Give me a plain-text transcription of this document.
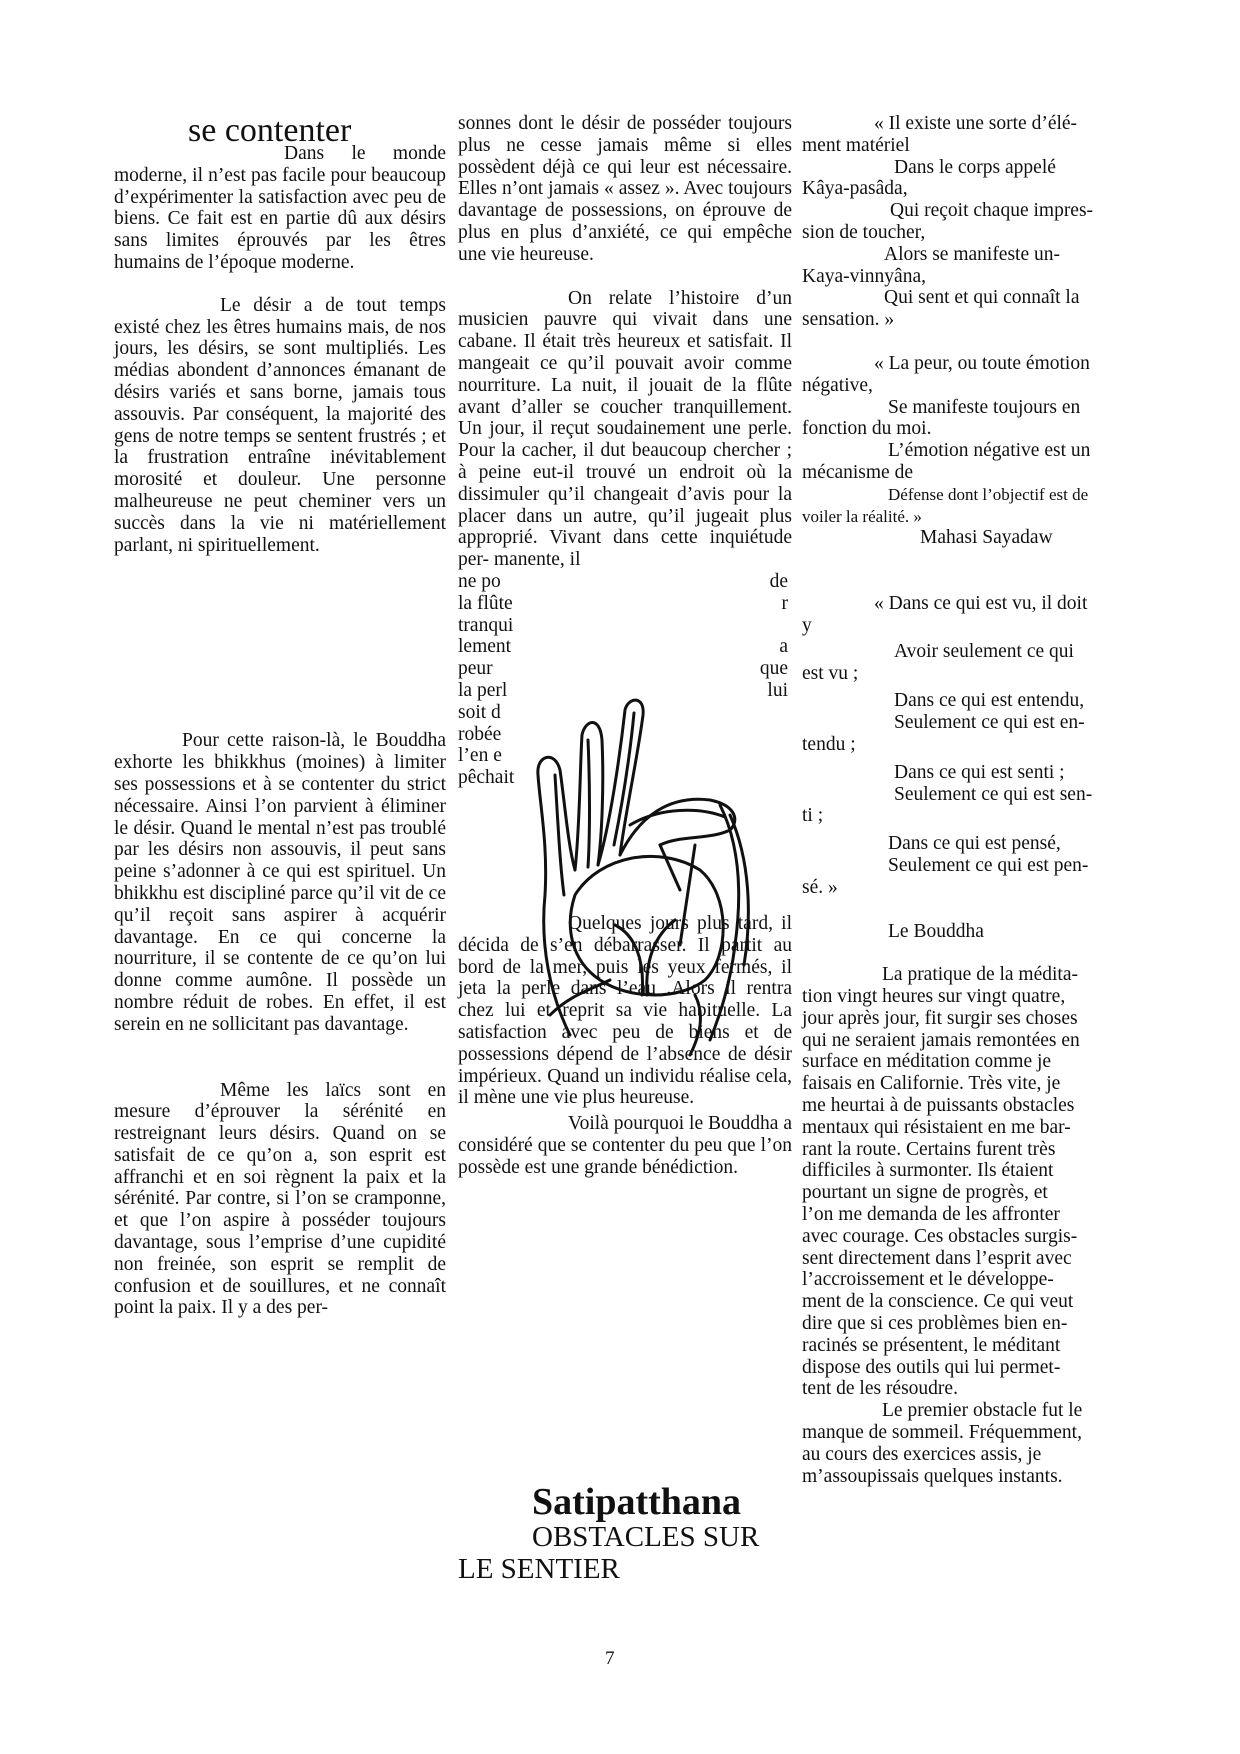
se contenter

Dans le monde moderne, il n’est pas facile pour beaucoup d’expérimenter la satisfaction avec peu de biens. Ce fait est en partie dû aux désirs sans limites éprouvés par les êtres humains de l’époque moderne.

Le désir a de tout temps existé chez les êtres humains mais, de nos jours, les désirs, se sont multipliés. Les médias abondent d’annonces émanant de désirs variés et sans borne, jamais tous assouvis. Par conséquent, la majorité des gens de notre temps se sentent frustrés ; et la frustration entraîne inévitablement morosité et douleur. Une personne malheureuse ne peut cheminer vers un succès dans la vie ni matériellement parlant, ni spirituellement.

Pour cette raison-là, le Bouddha exhorte les bhikkhus (moines) à limiter ses possessions et à se contenter du strict nécessaire. Ainsi l’on parvient à éliminer le désir. Quand le mental n’est pas troublé par les désirs non assouvis, il peut sans peine s’adonner à ce qui est spirituel. Un bhikkhu est discipliné parce qu’il vit de ce qu’il reçoit sans aspirer à acquérir davantage. En ce qui concerne la nourriture, il se contente de ce qu’on lui donne comme aumône. Il possède un nombre réduit de robes. En effet, il est serein en ne sollicitant pas davantage.

Même les laïcs sont en mesure d’éprouver la sérénité en restreignant leurs désirs. Quand on se satisfait de ce qu’on a, son esprit est affranchi et en soi règnent la paix et la sérénité. Par contre, si l’on se cramponne, et que l’on aspire à posséder toujours davantage, sous l’emprise d’une cupidité non freinée, son esprit se remplit de confusion et de souillures, et ne connaît point la paix. Il y a des per-

sonnes dont le désir de posséder toujours plus ne cesse jamais même si elles possèdent déjà ce qui leur est nécessaire. Elles n’ont jamais « assez ». Avec toujours davantage de possessions, on éprouve de plus en plus d’anxiété, ce qui empêche une vie heureuse.

On relate l’histoire d’un musicien pauvre qui vivait dans une cabane. Il était très heureux et satisfait. Il mangeait ce qu’il pouvait avoir comme nourriture. La nuit, il jouait de la flûte avant d’aller se coucher tranquillement. Un jour, il reçut soudainement une perle. Pour la cacher, il dut beaucoup chercher ; à peine eut-il trouvé un endroit où la dissimuler qu’il changeait d’avis pour la placer dans un autre, qu’il jugeait plus approprié. Vivant dans cette inquiétude per- manente, il

ne po
la flûte
tranqui
lement
peur
la perl
soit d
robée
l’en e
pêchait
de
r
a
que
lui

Quelques jours plus tard, il décida de s’en débarrasser. Il partit au bord de la mer, puis les yeux fermés, il jeta la perle dans l’eau .Alors il rentra chez lui et reprit sa vie habituelle. La satisfaction avec peu de biens et de possessions dépend de l’absence de désir impérieux. Quand un individu réalise cela, il mène une vie plus heureuse.

Voilà pourquoi le Bouddha a considéré que se contenter du peu que l’on possède est une grande bénédiction.

« Il existe une sorte d’élé-
ment matériel
Dans le corps appelé
Kâya-pasâda,
Qui reçoit chaque impres-
sion de toucher,
Alors se manifeste un-
Kaya-vinnyâna,
Qui sent et qui connaît la
sensation. »
« La peur, ou toute émotion
négative,
Se manifeste toujours en
fonction du moi.
L’émotion négative est un
mécanisme de
Défense dont l’objectif est de
voiler la réalité. »
Mahasi Sayadaw
« Dans ce qui est vu, il doit
y
Avoir seulement ce qui
est vu ;
Dans ce qui est entendu,
Seulement ce qui est en-
tendu ;
Dans ce qui est senti ;
Seulement ce qui est sen-
ti ;
Dans ce qui est pensé,
Seulement ce qui est pen-
sé. »
Le Bouddha
La pratique de la médita-
tion vingt heures sur vingt quatre,
jour après jour, fit surgir ses choses
qui ne seraient jamais remontées en
surface en méditation comme je
faisais en Californie. Très vite, je
me heurtai à de puissants obstacles
mentaux qui résistaient en me bar-
rant la route. Certains furent très
difficiles à surmonter. Ils étaient
pourtant un signe de progrès, et
l’on me demanda de les affronter
avec courage. Ces obstacles surgis-
sent directement dans l’esprit avec
l’accroissement et le développe-
ment de la conscience. Ce qui veut
dire que si ces problèmes bien en-
racinés se présentent, le méditant
dispose des outils qui lui permet-
tent de les résoudre.
Le premier obstacle fut le
manque de sommeil. Fréquemment,
au cours des exercices assis, je
m’assoupissais quelques instants.
Satipatthana
OBSTACLES SUR
LE SENTIER
7
